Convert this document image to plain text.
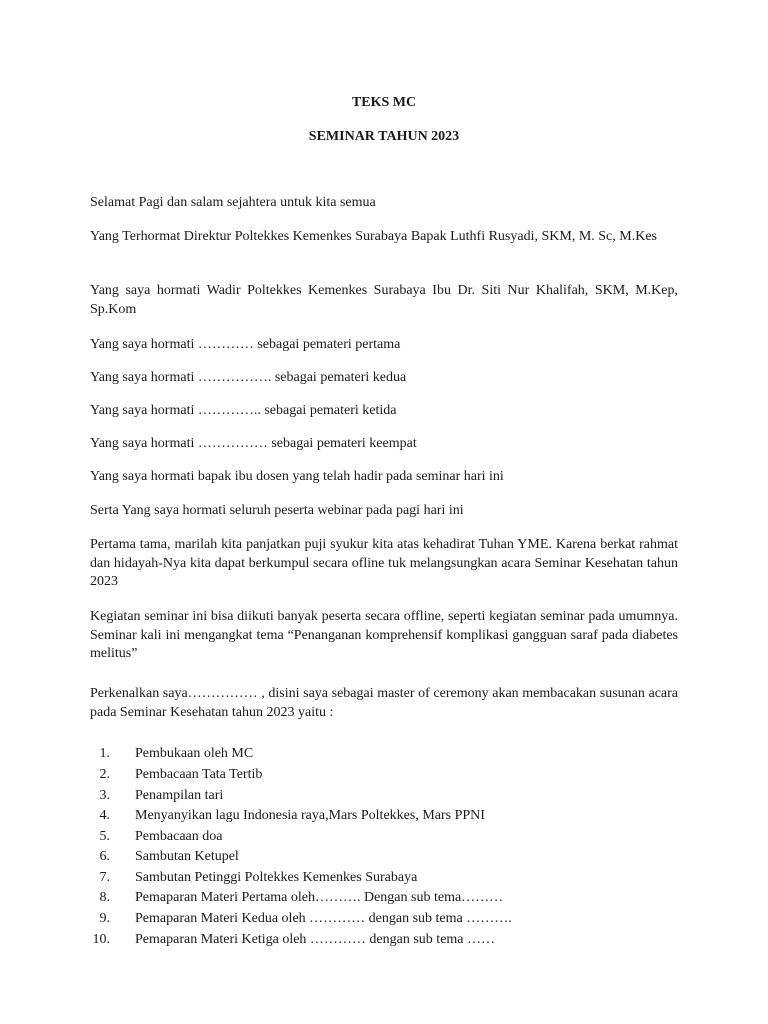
TEKS MC
SEMINAR TAHUN 2023

Selamat Pagi dan salam sejahtera untuk kita semua

Yang Terhormat Direktur Poltekkes Kemenkes Surabaya Bapak Luthfi Rusyadi, SKM, M. Sc, M.Kes

Yang saya hormati Wadir Poltekkes Kemenkes Surabaya Ibu Dr. Siti Nur Khalifah, SKM, M.Kep, Sp.Kom

Yang saya hormati ………… sebagai pemateri pertama

Yang saya hormati ……………. sebagai pemateri kedua

Yang saya hormati ………….. sebagai pemateri ketida

Yang saya hormati …………… sebagai pemateri keempat

Yang saya hormati bapak ibu dosen yang telah hadir pada seminar hari ini

Serta Yang saya hormati seluruh peserta webinar pada pagi hari ini

Pertama tama, marilah kita panjatkan puji syukur kita atas kehadirat Tuhan YME. Karena berkat rahmat dan hidayah-Nya kita dapat berkumpul secara ofline tuk melangsungkan acara Seminar Kesehatan tahun 2023

Kegiatan seminar ini bisa diikuti banyak peserta secara offline, seperti kegiatan seminar pada umumnya. Seminar kali ini mengangkat tema “Penanganan komprehensif komplikasi gangguan saraf pada diabetes melitus”

Perkenalkan saya…………… , disini saya sebagai master of ceremony akan membacakan susunan acara pada Seminar Kesehatan tahun 2023 yaitu :

1. Pembukaan oleh MC
2. Pembacaan Tata Tertib
3. Penampilan tari
4. Menyanyikan lagu Indonesia raya,Mars Poltekkes, Mars PPNI
5. Pembacaan doa
6. Sambutan Ketupel
7. Sambutan Petinggi Poltekkes Kemenkes Surabaya
8. Pemaparan Materi Pertama oleh………. Dengan sub tema………
9. Pemaparan Materi Kedua oleh ………… dengan sub tema ……….
10. Pemaparan Materi Ketiga oleh ………… dengan sub tema ……
